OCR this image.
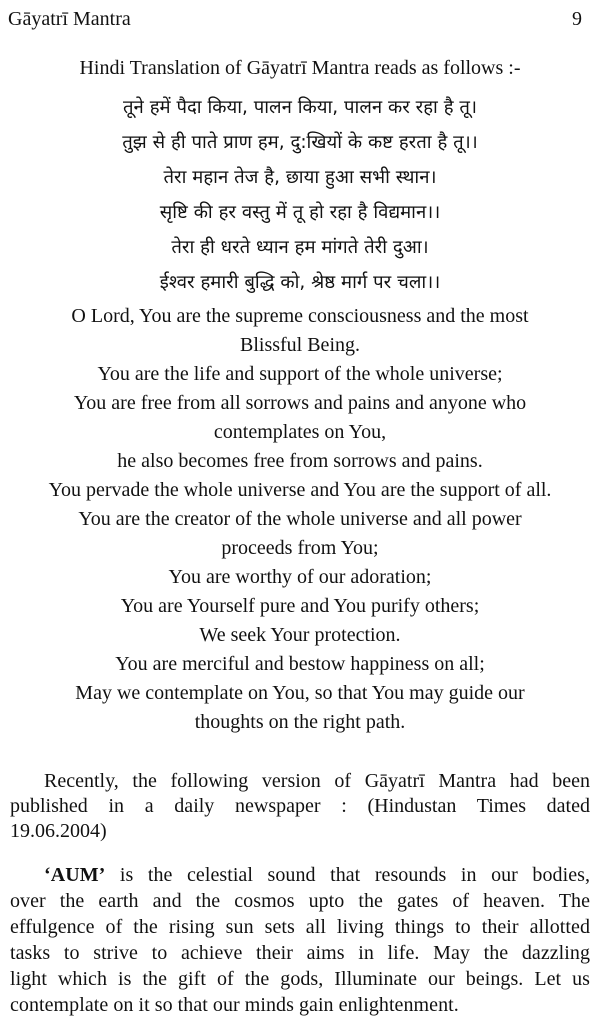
Gāyatrī Mantra	9

Hindi Translation of Gāyatrī Mantra reads as follows :-

तूने हमें पैदा किया, पालन किया, पालन कर रहा है तू।
तुझ से ही पाते प्राण हम, दु:खियों के कष्ट हरता है तू।।
तेरा महान तेज है, छाया हुआ सभी स्थान।
सृष्टि की हर वस्तु में तू हो रहा है विद्यमान।।
तेरा ही धरते ध्यान हम मांगते तेरी दुआ।
ईश्वर हमारी बुद्धि को, श्रेष्ठ मार्ग पर चला।।
O Lord, You are the supreme consciousness and the most
Blissful Being.
You are the life and support of the whole universe;
You are free from all sorrows and pains and anyone who
contemplates on You,
he also becomes free from sorrows and pains.
You pervade the whole universe and You are the support of all.
You are the creator of the whole universe and all power
proceeds from You;
You are worthy of our adoration;
You are Yourself pure and You purify others;
We seek Your protection.
You are merciful and bestow happiness on all;
May we contemplate on You, so that You may guide our
thoughts on the right path.

Recently, the following version of Gāyatrī Mantra had been
published in a daily newspaper : (Hindustan Times dated
19.06.2004)

‘AUM’ is the celestial sound that resounds in our bodies,
over the earth and the cosmos upto the gates of heaven. The
effulgence of the rising sun sets all living things to their allotted
tasks to strive to achieve their aims in life. May the dazzling
light which is the gift of the gods, Illuminate our beings. Let us
contemplate on it so that our minds gain enlightenment.
